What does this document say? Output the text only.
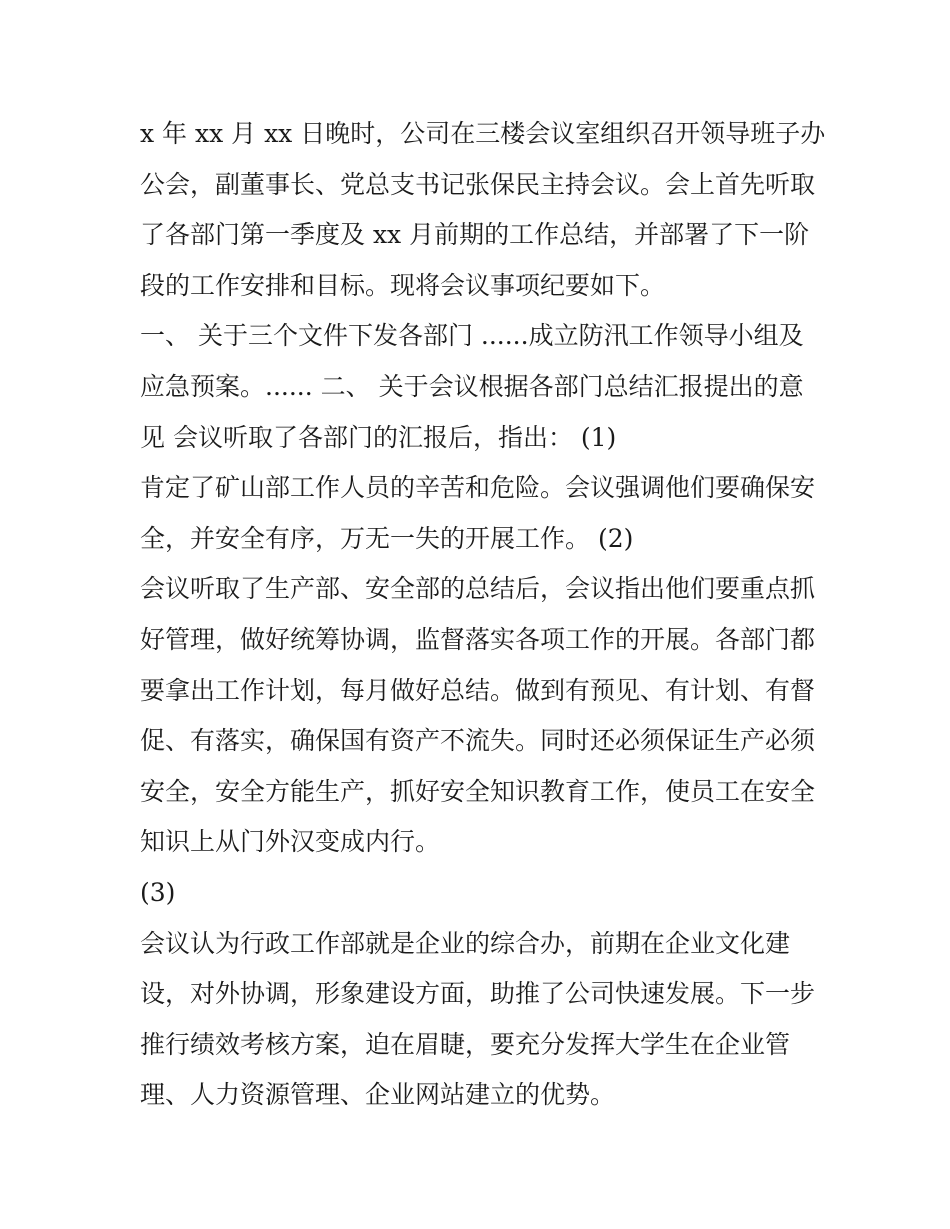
x 年 xx 月 xx 日晚时，公司在三楼会议室组织召开领导班子办
公会，副董事长、党总支书记张保民主持会议。会上首先听取
了各部门第一季度及 xx 月前期的工作总结，并部署了下一阶
段的工作安排和目标。现将会议事项纪要如下。
一、 关于三个文件下发各部门 ......成立防汛工作领导小组及
应急预案。...... 二、 关于会议根据各部门总结汇报提出的意
见 会议听取了各部门的汇报后，指出： (1)
肯定了矿山部工作人员的辛苦和危险。会议强调他们要确保安
全，并安全有序，万无一失的开展工作。 (2)
会议听取了生产部、安全部的总结后，会议指出他们要重点抓
好管理，做好统筹协调，监督落实各项工作的开展。各部门都
要拿出工作计划，每月做好总结。做到有预见、有计划、有督
促、有落实，确保国有资产不流失。同时还必须保证生产必须
安全，安全方能生产，抓好安全知识教育工作，使员工在安全
知识上从门外汉变成内行。
(3)
会议认为行政工作部就是企业的综合办，前期在企业文化建
设，对外协调，形象建设方面，助推了公司快速发展。下一步
推行绩效考核方案，迫在眉睫，要充分发挥大学生在企业管
理、人力资源管理、企业网站建立的优势。
